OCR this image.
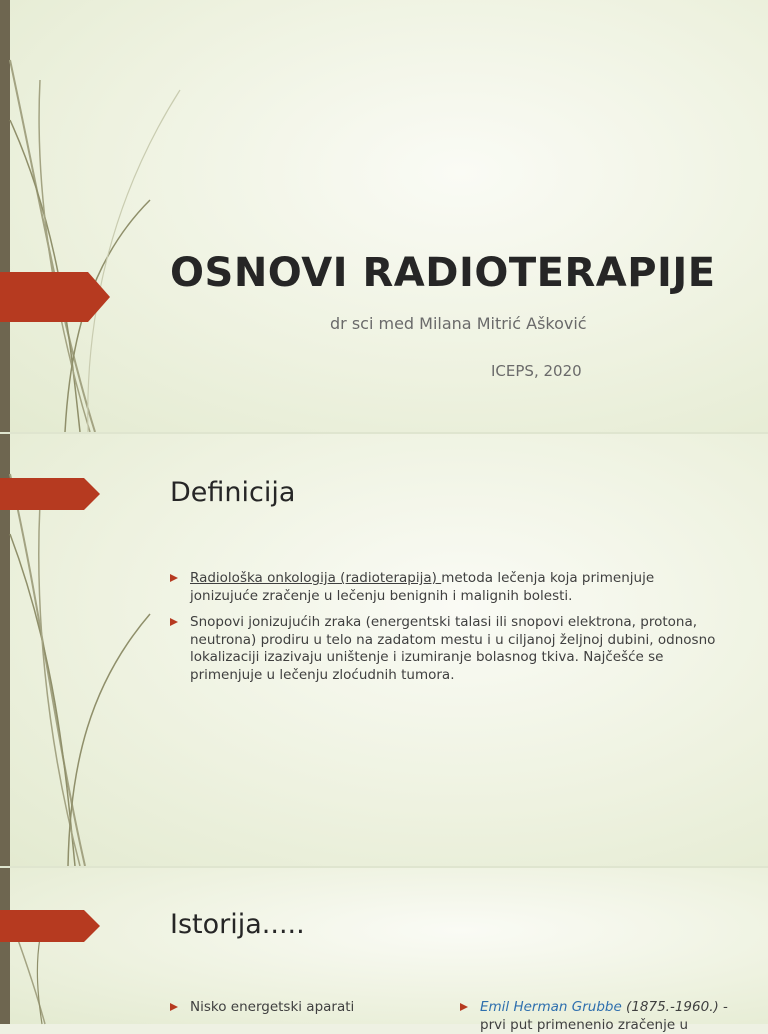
OSNOVI RADIOTERAPIJE
dr sci med Milana Mitrić Ašković
ICEPS, 2020
Definicija
Radiološka onkologija (radioterapija) metoda lečenja koja primenjuje jonizujuće zračenje u lečenju benignih i malignih bolesti.
Snopovi jonizujućih zraka (energentski talasi ili snopovi elektrona, protona, neutrona) prodiru u telo na zadatom mestu i u ciljanoj željnoj dubini, odnosno lokalizaciji izazivaju uništenje i izumiranje bolasnog tkiva. Najčešće se primenjuje u lečenju zloćudnih tumora.
Istorija.....
Nisko energetski aparati	Emil Herman Grubbe (1875.-1960.) - prvi put primenenio zračenje u
